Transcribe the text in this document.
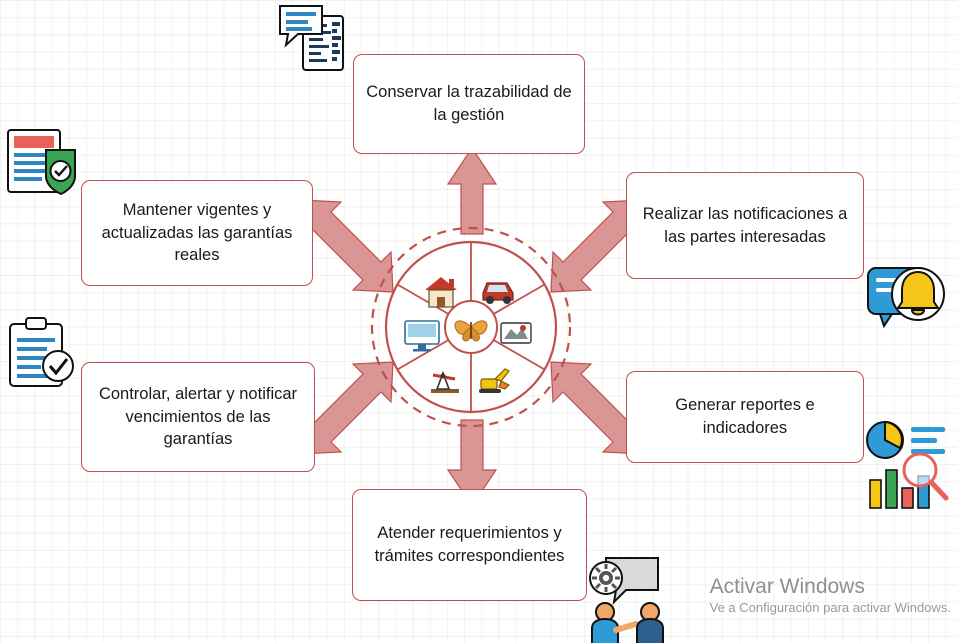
Conservar la trazabilidad de la gestión
Realizar las notificaciones a las partes interesadas
Generar reportes e indicadores
Atender requerimientos y trámites correspondientes
Controlar, alertar y notificar vencimientos de las garantías
Mantener vigentes y actualizadas las garantías reales
Activar Windows
Ve a Configuración para activar Windows.
